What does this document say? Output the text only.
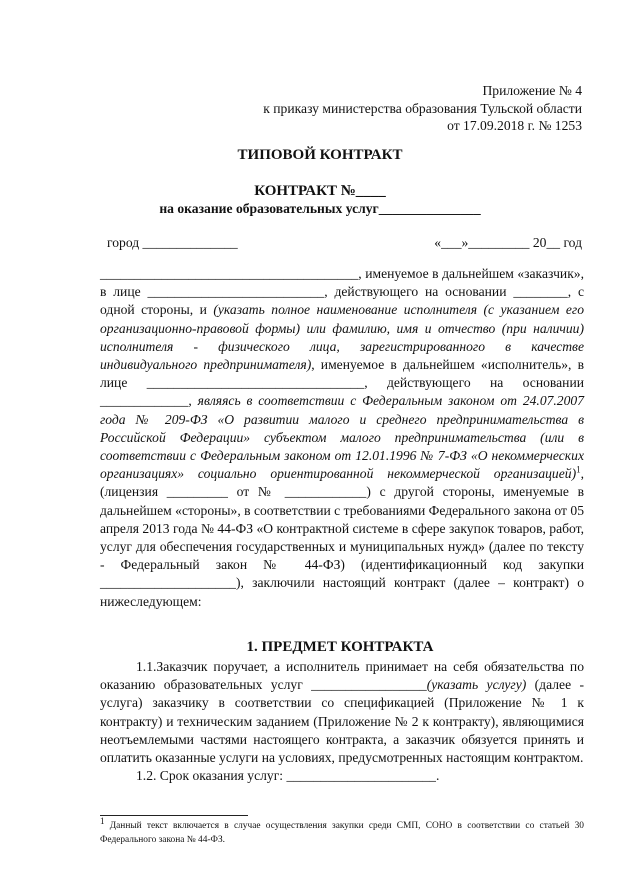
Приложение № 4
к приказу министерства образования Тульской области
от 17.09.2018 г. № 1253
ТИПОВОЙ КОНТРАКТ
КОНТРАКТ №____
на оказание образовательных услуг_______________
город ______________	«___»_________ 20__ год
______________________________________, именуемое в дальнейшем «заказчик», в лице __________________________, действующего на основании ________, с одной стороны, и (указать полное наименование исполнителя (с указанием его организационно-правовой формы) или фамилию, имя и отчество (при наличии) исполнителя - физического лица, зарегистрированного в качестве индивидуального предпринимателя), именуемое в дальнейшем «исполнитель», в лице ________________________________, действующего на основании _____________, являясь в соответствии с Федеральным законом от 24.07.2007 года № 209-ФЗ «О развитии малого и среднего предпринимательства в Российской Федерации» субъектом малого предпринимательства (или в соответствии с Федеральным законом от 12.01.1996 № 7-ФЗ «О некоммерческих организациях» социально ориентированной некоммерческой организацией)$^1$, (лицензия _________ от № ____________) с другой стороны, именуемые в дальнейшем «стороны», в соответствии с требованиями Федерального закона от 05 апреля 2013 года № 44-ФЗ «О контрактной системе в сфере закупок товаров, работ, услуг для обеспечения государственных и муниципальных нужд» (далее по тексту - Федеральный закон № 44-ФЗ) (идентификационный код закупки ____________________), заключили настоящий контракт (далее – контракт) о нижеследующем:
1. ПРЕДМЕТ КОНТРАКТА
1.1.Заказчик поручает, а исполнитель принимает на себя обязательства по оказанию образовательных услуг _________________(указать услугу) (далее - услуга) заказчику в соответствии со спецификацией (Приложение № 1 к контракту) и техническим заданием (Приложение № 2 к контракту), являющимися неотъемлемыми частями настоящего контракта, а заказчик обязуется принять и оплатить оказанные услуги на условиях, предусмотренных настоящим контрактом.
1.2. Срок оказания услуг: ______________________.
$^1$ Данный текст включается в случае осуществления закупки среди СМП, СОНО в соответствии со статьей 30 Федерального закона № 44-ФЗ.
